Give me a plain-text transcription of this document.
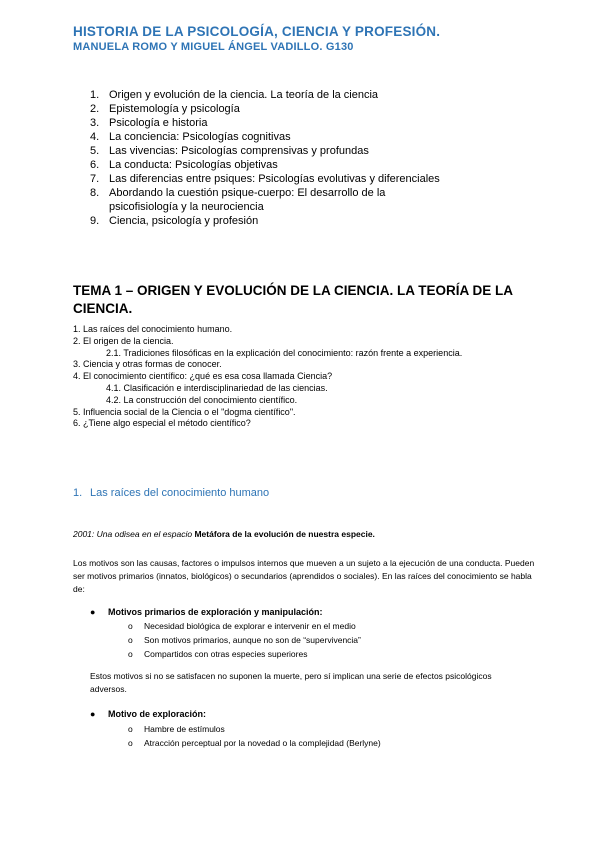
HISTORIA DE LA PSICOLOGÍA, CIENCIA Y PROFESIÓN.
MANUELA ROMO Y MIGUEL ÁNGEL VADILLO. G130
1. Origen y evolución de la ciencia. La teoría de la ciencia
2. Epistemología y psicología
3. Psicología e historia
4. La conciencia: Psicologías cognitivas
5. Las vivencias: Psicologías comprensivas y profundas
6. La conducta: Psicologías objetivas
7. Las diferencias entre psiques: Psicologías evolutivas y diferenciales
8. Abordando la cuestión psique-cuerpo: El desarrollo de la psicofisiología y la neurociencia
9. Ciencia, psicología y profesión
TEMA 1 – ORIGEN Y EVOLUCIÓN DE LA CIENCIA. LA TEORÍA DE LA CIENCIA.
1. Las raíces del conocimiento humano.
2. El origen de la ciencia.
2.1. Tradiciones filosóficas en la explicación del conocimiento: razón frente a experiencia.
3. Ciencia y otras formas de conocer.
4. El conocimiento científico: ¿qué es esa cosa llamada Ciencia?
4.1. Clasificación e interdisciplinariedad de las ciencias.
4.2. La construcción del conocimiento científico.
5. Influencia social de la Ciencia o el "dogma científico".
6. ¿Tiene algo especial el método científico?
1. Las raíces del conocimiento humano
2001: Una odisea en el espacio Metáfora de la evolución de nuestra especie.
Los motivos son las causas, factores o impulsos internos que mueven a un sujeto a la ejecución de una conducta. Pueden ser motivos primarios (innatos, biológicos) o secundarios (aprendidos o sociales). En las raíces del conocimiento se habla de:
● Motivos primarios de exploración y manipulación:
o Necesidad biológica de explorar e intervenir en el medio
o Son motivos primarios, aunque no son de “supervivencia”
o Compartidos con otras especies superiores
Estos motivos si no se satisfacen no suponen la muerte, pero sí implican una serie de efectos psicológicos adversos.
● Motivo de exploración:
o Hambre de estímulos
o Atracción perceptual por la novedad o la complejidad (Berlyne)
